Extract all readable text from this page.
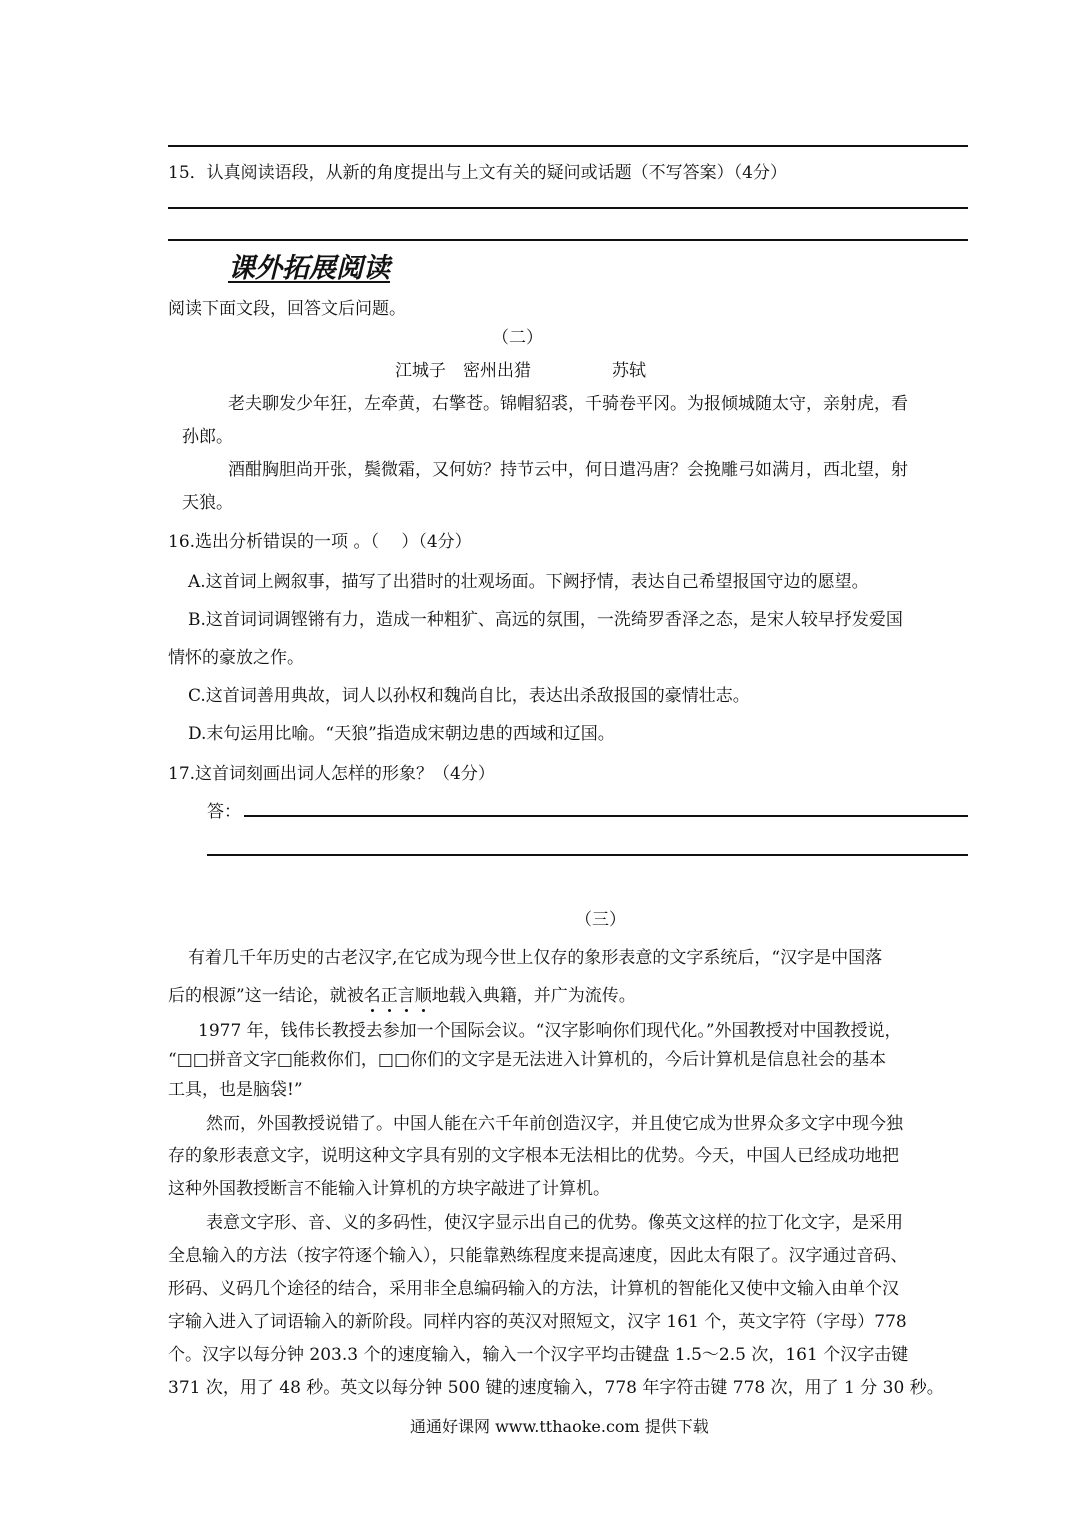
15．认真阅读语段，从新的角度提出与上文有关的疑问或话题（不写答案）（4分）
课外拓展阅读
阅读下面文段，回答文后问题。
（二）
江城子　密州出猎	苏轼
老夫聊发少年狂，左牵黄，右擎苍。锦帽貂裘，千骑卷平冈。为报倾城随太守，亲射虎，看
孙郎。
酒酣胸胆尚开张，鬓微霜，又何妨？持节云中，何日遣冯唐？会挽雕弓如满月，西北望，射
天狼。
16.选出分析错误的一项 。（　 ）（4分）
A.这首词上阙叙事，描写了出猎时的壮观场面。下阙抒情，表达自己希望报国守边的愿望。
B.这首词词调铿锵有力，造成一种粗犷、高远的氛围，一洗绮罗香泽之态，是宋人较早抒发爱国
情怀的豪放之作。
C.这首词善用典故，词人以孙权和魏尚自比，表达出杀敌报国的豪情壮志。
D.末句运用比喻。“天狼”指造成宋朝边患的西域和辽国。
17.这首词刻画出词人怎样的形象？（4分）
答：
（三）
有着几千年历史的古老汉字,在它成为现今世上仅存的象形表意的文字系统后，“汉字是中国落
后的根源”这一结论，就被名正言顺地载入典籍，并广为流传。
1977 年，钱伟长教授去参加一个国际会议。“汉字影响你们现代化。”外国教授对中国教授说，
“□□拼音文字□能救你们，□□你们的文字是无法进入计算机的，今后计算机是信息社会的基本
工具，也是脑袋!”
然而，外国教授说错了。中国人能在六千年前创造汉字，并且使它成为世界众多文字中现今独
存的象形表意文字，说明这种文字具有别的文字根本无法相比的优势。今天，中国人已经成功地把
这种外国教授断言不能输入计算机的方块字敲进了计算机。
表意文字形、音、义的多码性，使汉字显示出自己的优势。像英文这样的拉丁化文字，是采用
全息输入的方法（按字符逐个输入），只能靠熟练程度来提高速度，因此太有限了。汉字通过音码、
形码、义码几个途径的结合，采用非全息编码输入的方法，计算机的智能化又使中文输入由单个汉
字输入进入了词语输入的新阶段。同样内容的英汉对照短文，汉字 161 个，英文字符（字母）778
个。汉字以每分钟 203.3 个的速度输入，输入一个汉字平均击键盘 1.5～2.5 次，161 个汉字击键
371 次，用了 48 秒。英文以每分钟 500 键的速度输入，778 年字符击键 778 次，用了 1 分 30 秒。
通通好课网 www.tthaoke.com 提供下载
